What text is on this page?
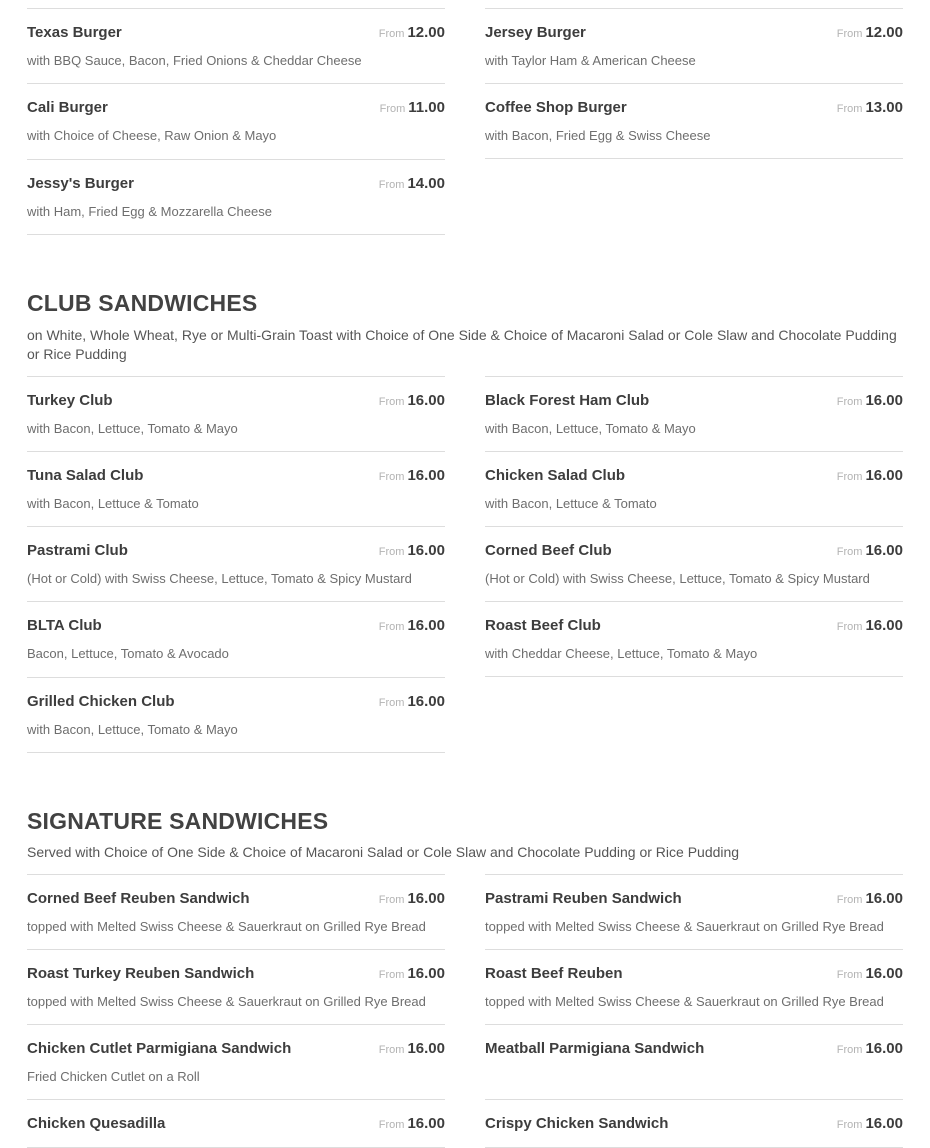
Texas Burger	From 12.00

with BBQ Sauce, Bacon, Fried Onions & Cheddar Cheese

Jersey Burger	From 12.00

with Taylor Ham & American Cheese

Cali Burger	From 11.00

with Choice of Cheese, Raw Onion & Mayo

Coffee Shop Burger	From 13.00

with Bacon, Fried Egg & Swiss Cheese

Jessy's Burger	From 14.00

with Ham, Fried Egg & Mozzarella Cheese

CLUB SANDWICHES

on White, Whole Wheat, Rye or Multi-Grain Toast with Choice of One Side & Choice of Macaroni Salad or Cole Slaw and Chocolate Pudding or Rice Pudding

Turkey Club	From 16.00

with Bacon, Lettuce, Tomato & Mayo

Black Forest Ham Club	From 16.00

with Bacon, Lettuce, Tomato & Mayo

Tuna Salad Club	From 16.00

with Bacon, Lettuce & Tomato

Chicken Salad Club	From 16.00

with Bacon, Lettuce & Tomato

Pastrami Club	From 16.00

(Hot or Cold) with Swiss Cheese, Lettuce, Tomato & Spicy Mustard

Corned Beef Club	From 16.00

(Hot or Cold) with Swiss Cheese, Lettuce, Tomato & Spicy Mustard

BLTA Club	From 16.00

Bacon, Lettuce, Tomato & Avocado

Roast Beef Club	From 16.00

with Cheddar Cheese, Lettuce, Tomato & Mayo

Grilled Chicken Club	From 16.00

with Bacon, Lettuce, Tomato & Mayo

SIGNATURE SANDWICHES

Served with Choice of One Side & Choice of Macaroni Salad or Cole Slaw and Chocolate Pudding or Rice Pudding

Corned Beef Reuben Sandwich	From 16.00

topped with Melted Swiss Cheese & Sauerkraut on Grilled Rye Bread

Pastrami Reuben Sandwich	From 16.00

topped with Melted Swiss Cheese & Sauerkraut on Grilled Rye Bread

Roast Turkey Reuben Sandwich	From 16.00

topped with Melted Swiss Cheese & Sauerkraut on Grilled Rye Bread

Roast Beef Reuben	From 16.00

topped with Melted Swiss Cheese & Sauerkraut on Grilled Rye Bread

Chicken Cutlet Parmigiana Sandwich	From 16.00

Fried Chicken Cutlet on a Roll

Meatball Parmigiana Sandwich	From 16.00
Chicken Quesadilla	From 16.00	Crispy Chicken Sandwich	From 16.00
